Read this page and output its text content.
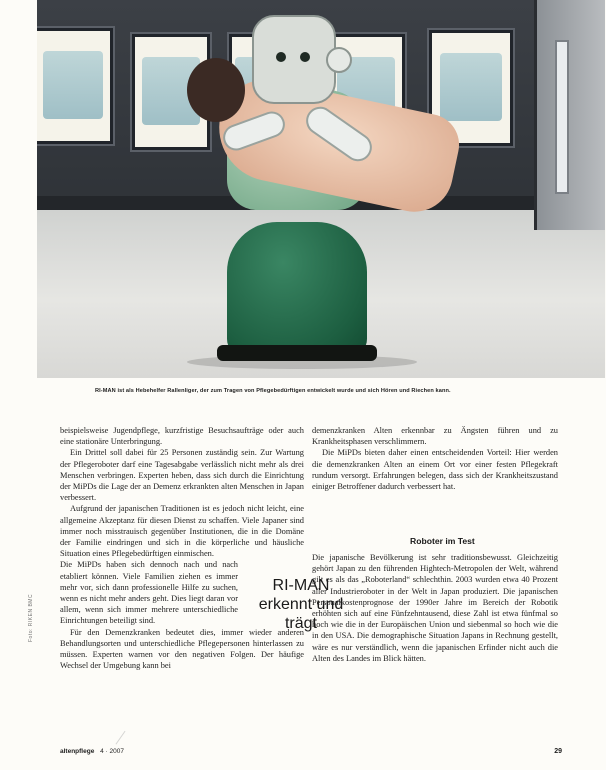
RI-MAN ist als Hebehelfer Rallenliger, der zum Tragen von Pflegebedürftigen entwickelt wurde und sich Hören und Riechen kann.

beispielsweise Jugendpflege, kurzfristige Besuchsaufträge oder auch eine stationäre Unterbringung.

Ein Drittel soll dabei für 25 Personen zuständig sein. Zur Wartung der Pflegeroboter darf eine Tagesabgabe verlässlich nicht mehr als drei Menschen verbringen. Experten heben, dass sich durch die Einrichtung der MiPDs die Lage der an Demenz erkrankten alten Menschen in Japan verbessert.

Aufgrund der japanischen Traditionen ist es jedoch nicht leicht, eine allgemeine Akzeptanz für diesen Dienst zu schaffen. Viele Japaner sind immer noch misstrauisch gegenüber Institutionen, die in die Domäne der Familie eindringen und sich in die körperliche und häusliche Situation eines Pflegebedürftigen einmischen.

Die MiPDs haben sich dennoch nach und nach etabliert können. Viele Familien ziehen es immer mehr vor, sich dann professionelle Hilfe zu suchen, wenn es nicht mehr anders geht. Dies liegt daran vor allem, wenn sich immer mehrere unterschiedliche Einrichtungen beteiligt sind.

Für den Demenzkranken bedeutet dies, immer wieder anderen Behandlungsorten und unterschiedliche Pflegepersonen hinterlassen zu müssen. Experten warnen vor den negativen Folgen. Der häufige Wechsel der Umgebung kann bei

demenzkranken Alten erkennbar zu Ängsten führen und zu Krankheitsphasen verschlimmern.

Die MiPDs bieten daher einen entscheidenden Vorteil: Hier werden die demenzkranken Alten an einem Ort vor einer festen Pflegekraft rundum versorgt. Erfahrungen belegen, dass sich der Krankheitszustand einiger Betroffener dadurch verbessert hat.

Roboter im Test

Die japanische Bevölkerung ist sehr traditionsbewusst. Gleichzeitig gehört Japan zu den führenden Hightech-Metropolen der Welt, während gilt es als das „Roboterland“ schlechthin. 2003 wurden etwa 40 Prozent aller Industrieroboter in der Welt in Japan produziert. Die japanischen Personalkostenprognose der 1990er Jahre im Bereich der Robotik erhöhten sich auf eine Fünfzehntausend, diese Zahl ist etwa fünfmal so hoch wie die in der Europäischen Union und siebenmal so hoch wie die in den USA. Die demographische Situation Japans in Rechnung gestellt, wäre es nur verständlich, wenn die japanischen Erfinder nicht auch die Alten des Landes im Blick hätten.

RI-MAN erkennt und trägt
Foto: RIKEN BMC
altenpflege 4 · 2007	29
